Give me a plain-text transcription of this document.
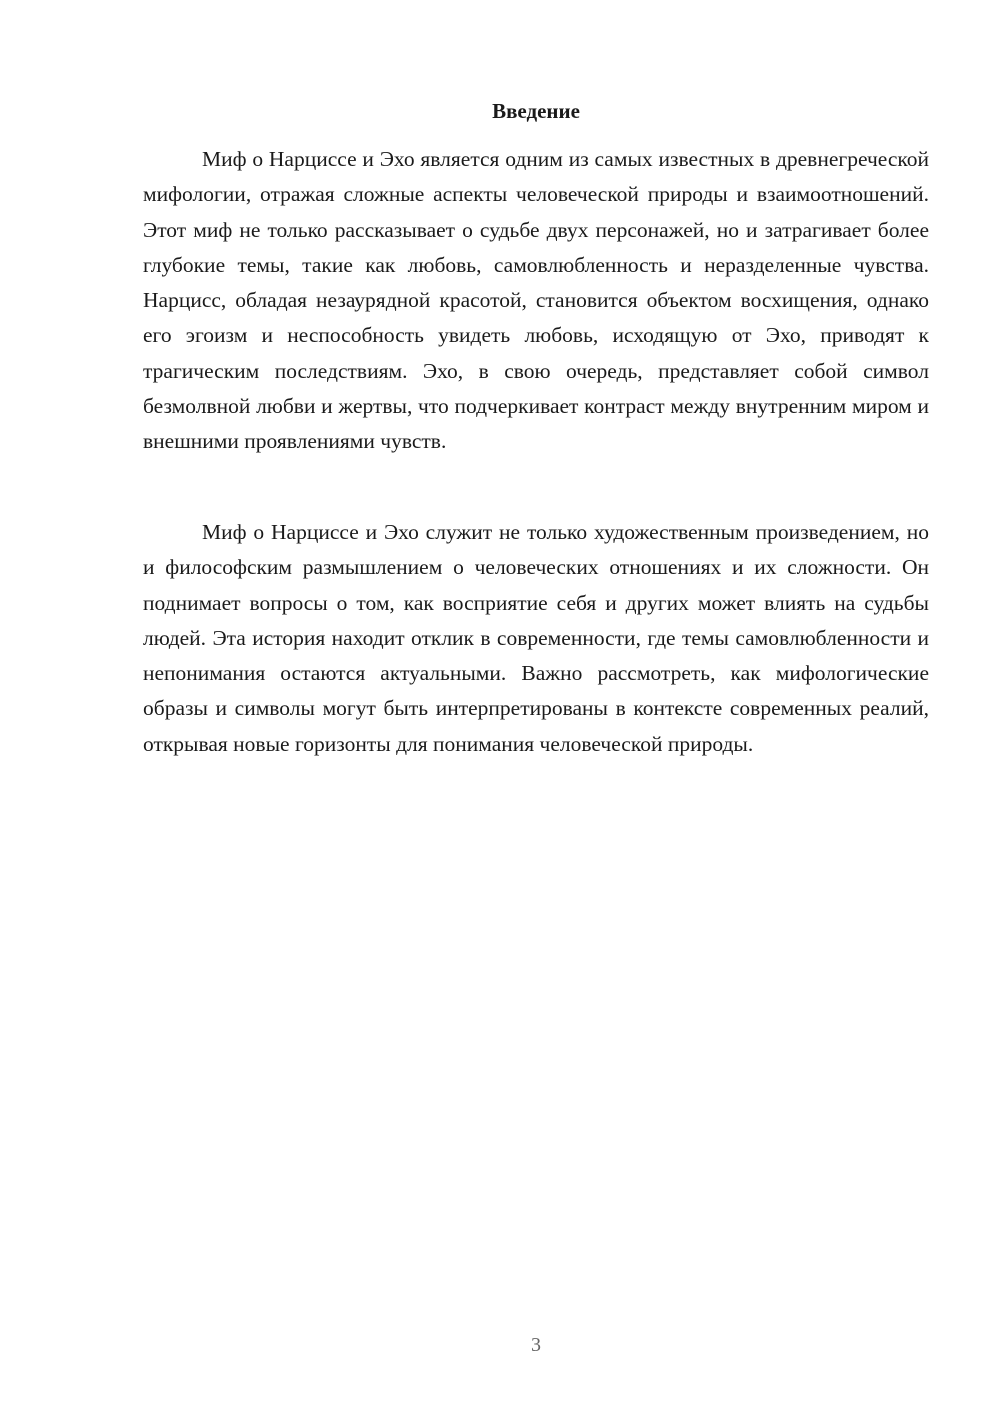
Введение

Миф о Нарциссе и Эхо является одним из самых известных в древнегреческой мифологии, отражая сложные аспекты человеческой природы и взаимоотношений. Этот миф не только рассказывает о судьбе двух персонажей, но и затрагивает более глубокие темы, такие как любовь, самовлюбленность и неразделенные чувства. Нарцисс, обладая незаурядной красотой, становится объектом восхищения, однако его эгоизм и неспособность увидеть любовь, исходящую от Эхо, приводят к трагическим последствиям. Эхо, в свою очередь, представляет собой символ безмолвной любви и жертвы, что подчеркивает контраст между внутренним миром и внешними проявлениями чувств.

Миф о Нарциссе и Эхо служит не только художественным произведением, но и философским размышлением о человеческих отношениях и их сложности. Он поднимает вопросы о том, как восприятие себя и других может влиять на судьбы людей. Эта история находит отклик в современности, где темы самовлюбленности и непонимания остаются актуальными. Важно рассмотреть, как мифологические образы и символы могут быть интерпретированы в контексте современных реалий, открывая новые горизонты для понимания человеческой природы.

3
